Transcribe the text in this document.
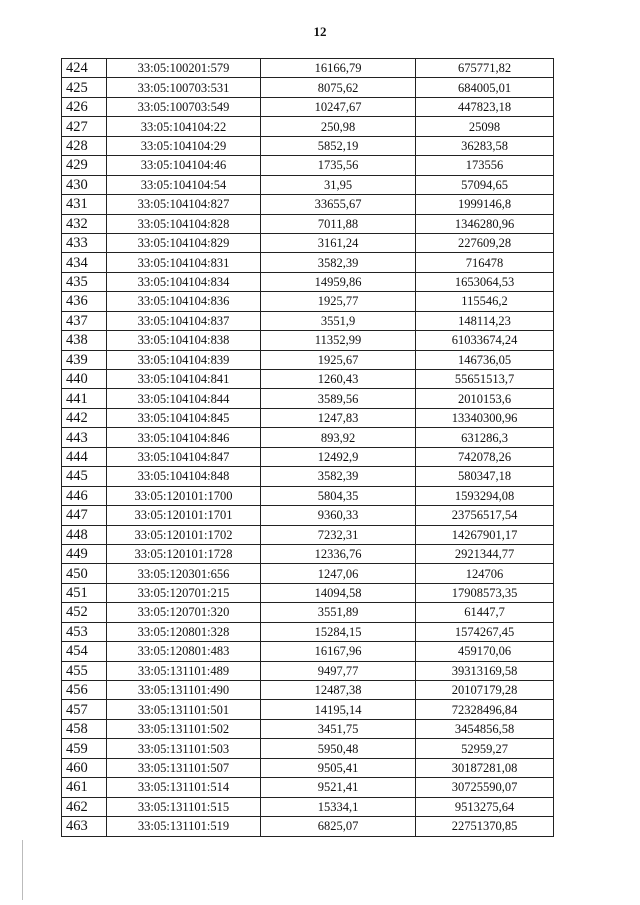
12
424	33:05:100201:579	16166,79	675771,82
425	33:05:100703:531	8075,62	684005,01
426	33:05:100703:549	10247,67	447823,18
427	33:05:104104:22	250,98	25098
428	33:05:104104:29	5852,19	36283,58
429	33:05:104104:46	1735,56	173556
430	33:05:104104:54	31,95	57094,65
431	33:05:104104:827	33655,67	1999146,8
432	33:05:104104:828	7011,88	1346280,96
433	33:05:104104:829	3161,24	227609,28
434	33:05:104104:831	3582,39	716478
435	33:05:104104:834	14959,86	1653064,53
436	33:05:104104:836	1925,77	115546,2
437	33:05:104104:837	3551,9	148114,23
438	33:05:104104:838	11352,99	61033674,24
439	33:05:104104:839	1925,67	146736,05
440	33:05:104104:841	1260,43	55651513,7
441	33:05:104104:844	3589,56	2010153,6
442	33:05:104104:845	1247,83	13340300,96
443	33:05:104104:846	893,92	631286,3
444	33:05:104104:847	12492,9	742078,26
445	33:05:104104:848	3582,39	580347,18
446	33:05:120101:1700	5804,35	1593294,08
447	33:05:120101:1701	9360,33	23756517,54
448	33:05:120101:1702	7232,31	14267901,17
449	33:05:120101:1728	12336,76	2921344,77
450	33:05:120301:656	1247,06	124706
451	33:05:120701:215	14094,58	17908573,35
452	33:05:120701:320	3551,89	61447,7
453	33:05:120801:328	15284,15	1574267,45
454	33:05:120801:483	16167,96	459170,06
455	33:05:131101:489	9497,77	39313169,58
456	33:05:131101:490	12487,38	20107179,28
457	33:05:131101:501	14195,14	72328496,84
458	33:05:131101:502	3451,75	3454856,58
459	33:05:131101:503	5950,48	52959,27
460	33:05:131101:507	9505,41	30187281,08
461	33:05:131101:514	9521,41	30725590,07
462	33:05:131101:515	15334,1	9513275,64
463	33:05:131101:519	6825,07	22751370,85
